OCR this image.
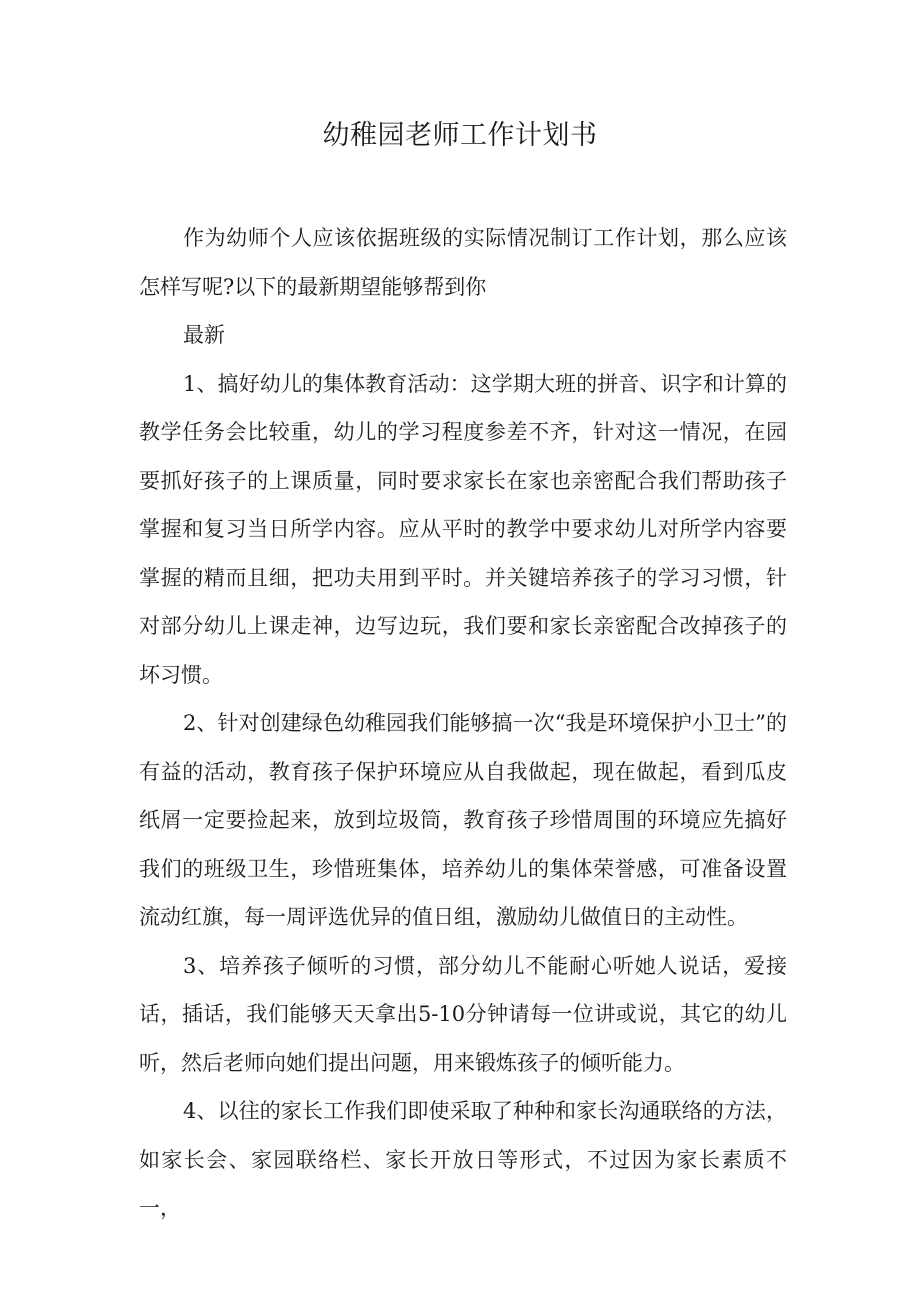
幼稚园老师工作计划书

作为幼师个人应该依据班级的实际情况制订工作计划，那么应该怎样写呢?以下的最新期望能够帮到你

最新

1、搞好幼儿的集体教育活动：这学期大班的拼音、识字和计算的教学任务会比较重，幼儿的学习程度参差不齐，针对这一情况，在园要抓好孩子的上课质量，同时要求家长在家也亲密配合我们帮助孩子掌握和复习当日所学内容。应从平时的教学中要求幼儿对所学内容要掌握的精而且细，把功夫用到平时。并关键培养孩子的学习习惯，针对部分幼儿上课走神，边写边玩，我们要和家长亲密配合改掉孩子的坏习惯。

2、针对创建绿色幼稚园我们能够搞一次“我是环境保护小卫士”的有益的活动，教育孩子保护环境应从自我做起，现在做起，看到瓜皮纸屑一定要捡起来，放到垃圾筒，教育孩子珍惜周围的环境应先搞好我们的班级卫生，珍惜班集体，培养幼儿的集体荣誉感，可准备设置流动红旗，每一周评选优异的值日组，激励幼儿做值日的主动性。

3、培养孩子倾听的习惯，部分幼儿不能耐心听她人说话，爱接话，插话，我们能够天天拿出5-10分钟请每一位讲或说，其它的幼儿听，然后老师向她们提出问题，用来锻炼孩子的倾听能力。

4、以往的家长工作我们即使采取了种种和家长沟通联络的方法，如家长会、家园联络栏、家长开放日等形式，不过因为家长素质不一，
